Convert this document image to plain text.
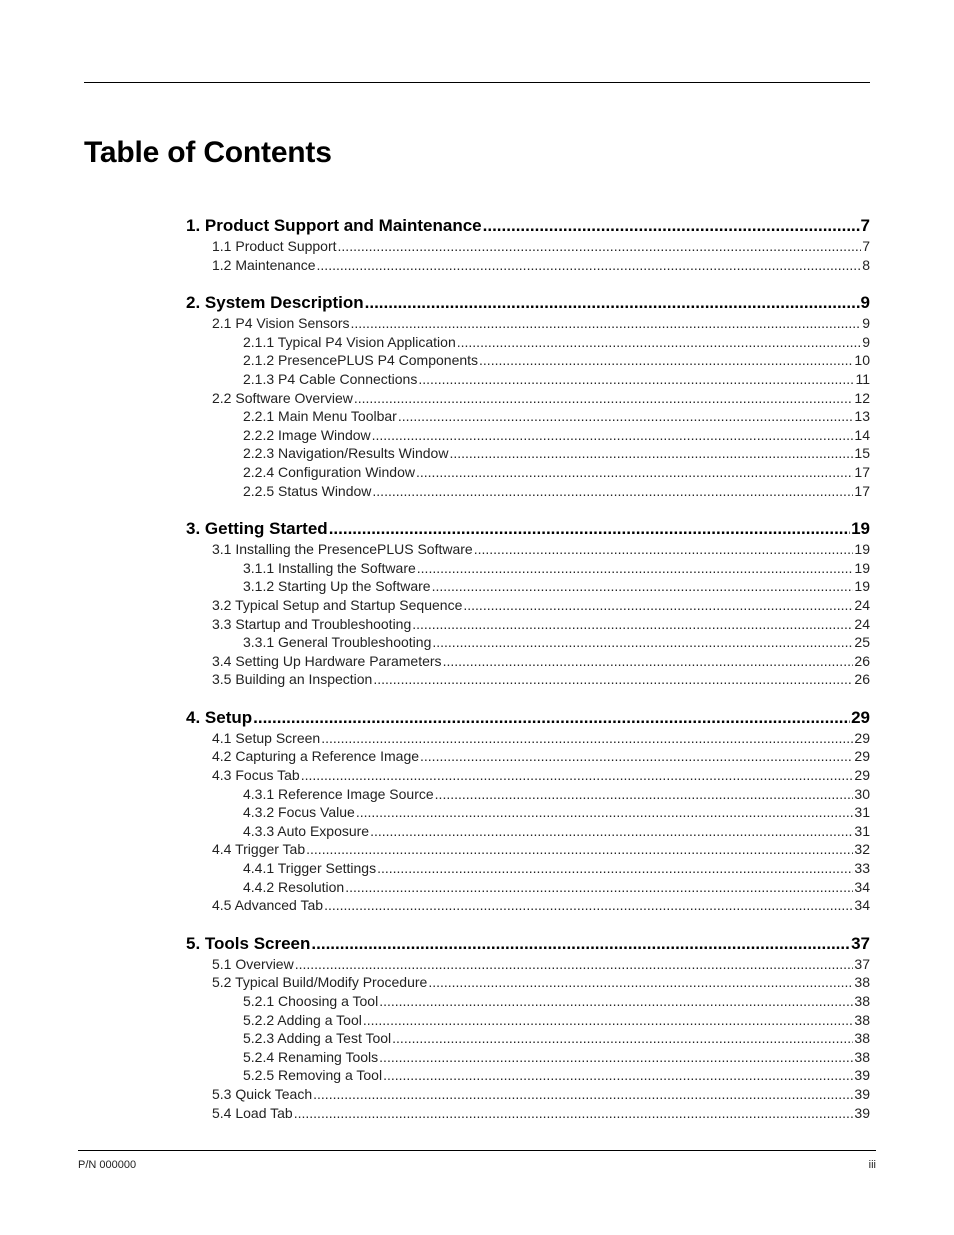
Table of Contents
1. Product Support and Maintenance .....	7
1.1 Product Support .....	7
1.2 Maintenance .....	8
2. System Description .....	9
2.1 P4 Vision Sensors .....	9
2.1.1 Typical P4 Vision Application .....	9
2.1.2 PresencePLUS P4 Components .....	10
2.1.3 P4 Cable Connections .....	11
2.2 Software Overview .....	12
2.2.1 Main Menu Toolbar .....	13
2.2.2 Image Window .....	14
2.2.3 Navigation/Results Window .....	15
2.2.4 Configuration Window .....	17
2.2.5 Status Window .....	17
3. Getting Started .....	19
3.1 Installing the PresencePLUS Software .....	19
3.1.1 Installing the Software .....	19
3.1.2 Starting Up the Software .....	19
3.2 Typical Setup and Startup Sequence .....	24
3.3 Startup and Troubleshooting .....	24
3.3.1 General Troubleshooting .....	25
3.4 Setting Up Hardware Parameters .....	26
3.5 Building an Inspection .....	26
4. Setup .....	29
4.1 Setup Screen .....	29
4.2 Capturing a Reference Image .....	29
4.3 Focus Tab .....	29
4.3.1 Reference Image Source .....	30
4.3.2 Focus Value .....	31
4.3.3 Auto Exposure .....	31
4.4 Trigger Tab .....	32
4.4.1 Trigger Settings .....	33
4.4.2 Resolution .....	34
4.5 Advanced Tab .....	34
5. Tools Screen .....	37
5.1 Overview .....	37
5.2 Typical Build/Modify Procedure .....	38
5.2.1 Choosing a Tool .....	38
5.2.2 Adding a Tool .....	38
5.2.3 Adding a Test Tool .....	38
5.2.4 Renaming Tools .....	38
5.2.5 Removing a Tool .....	39
5.3 Quick Teach .....	39
5.4 Load Tab .....	39
P/N 000000	iii
